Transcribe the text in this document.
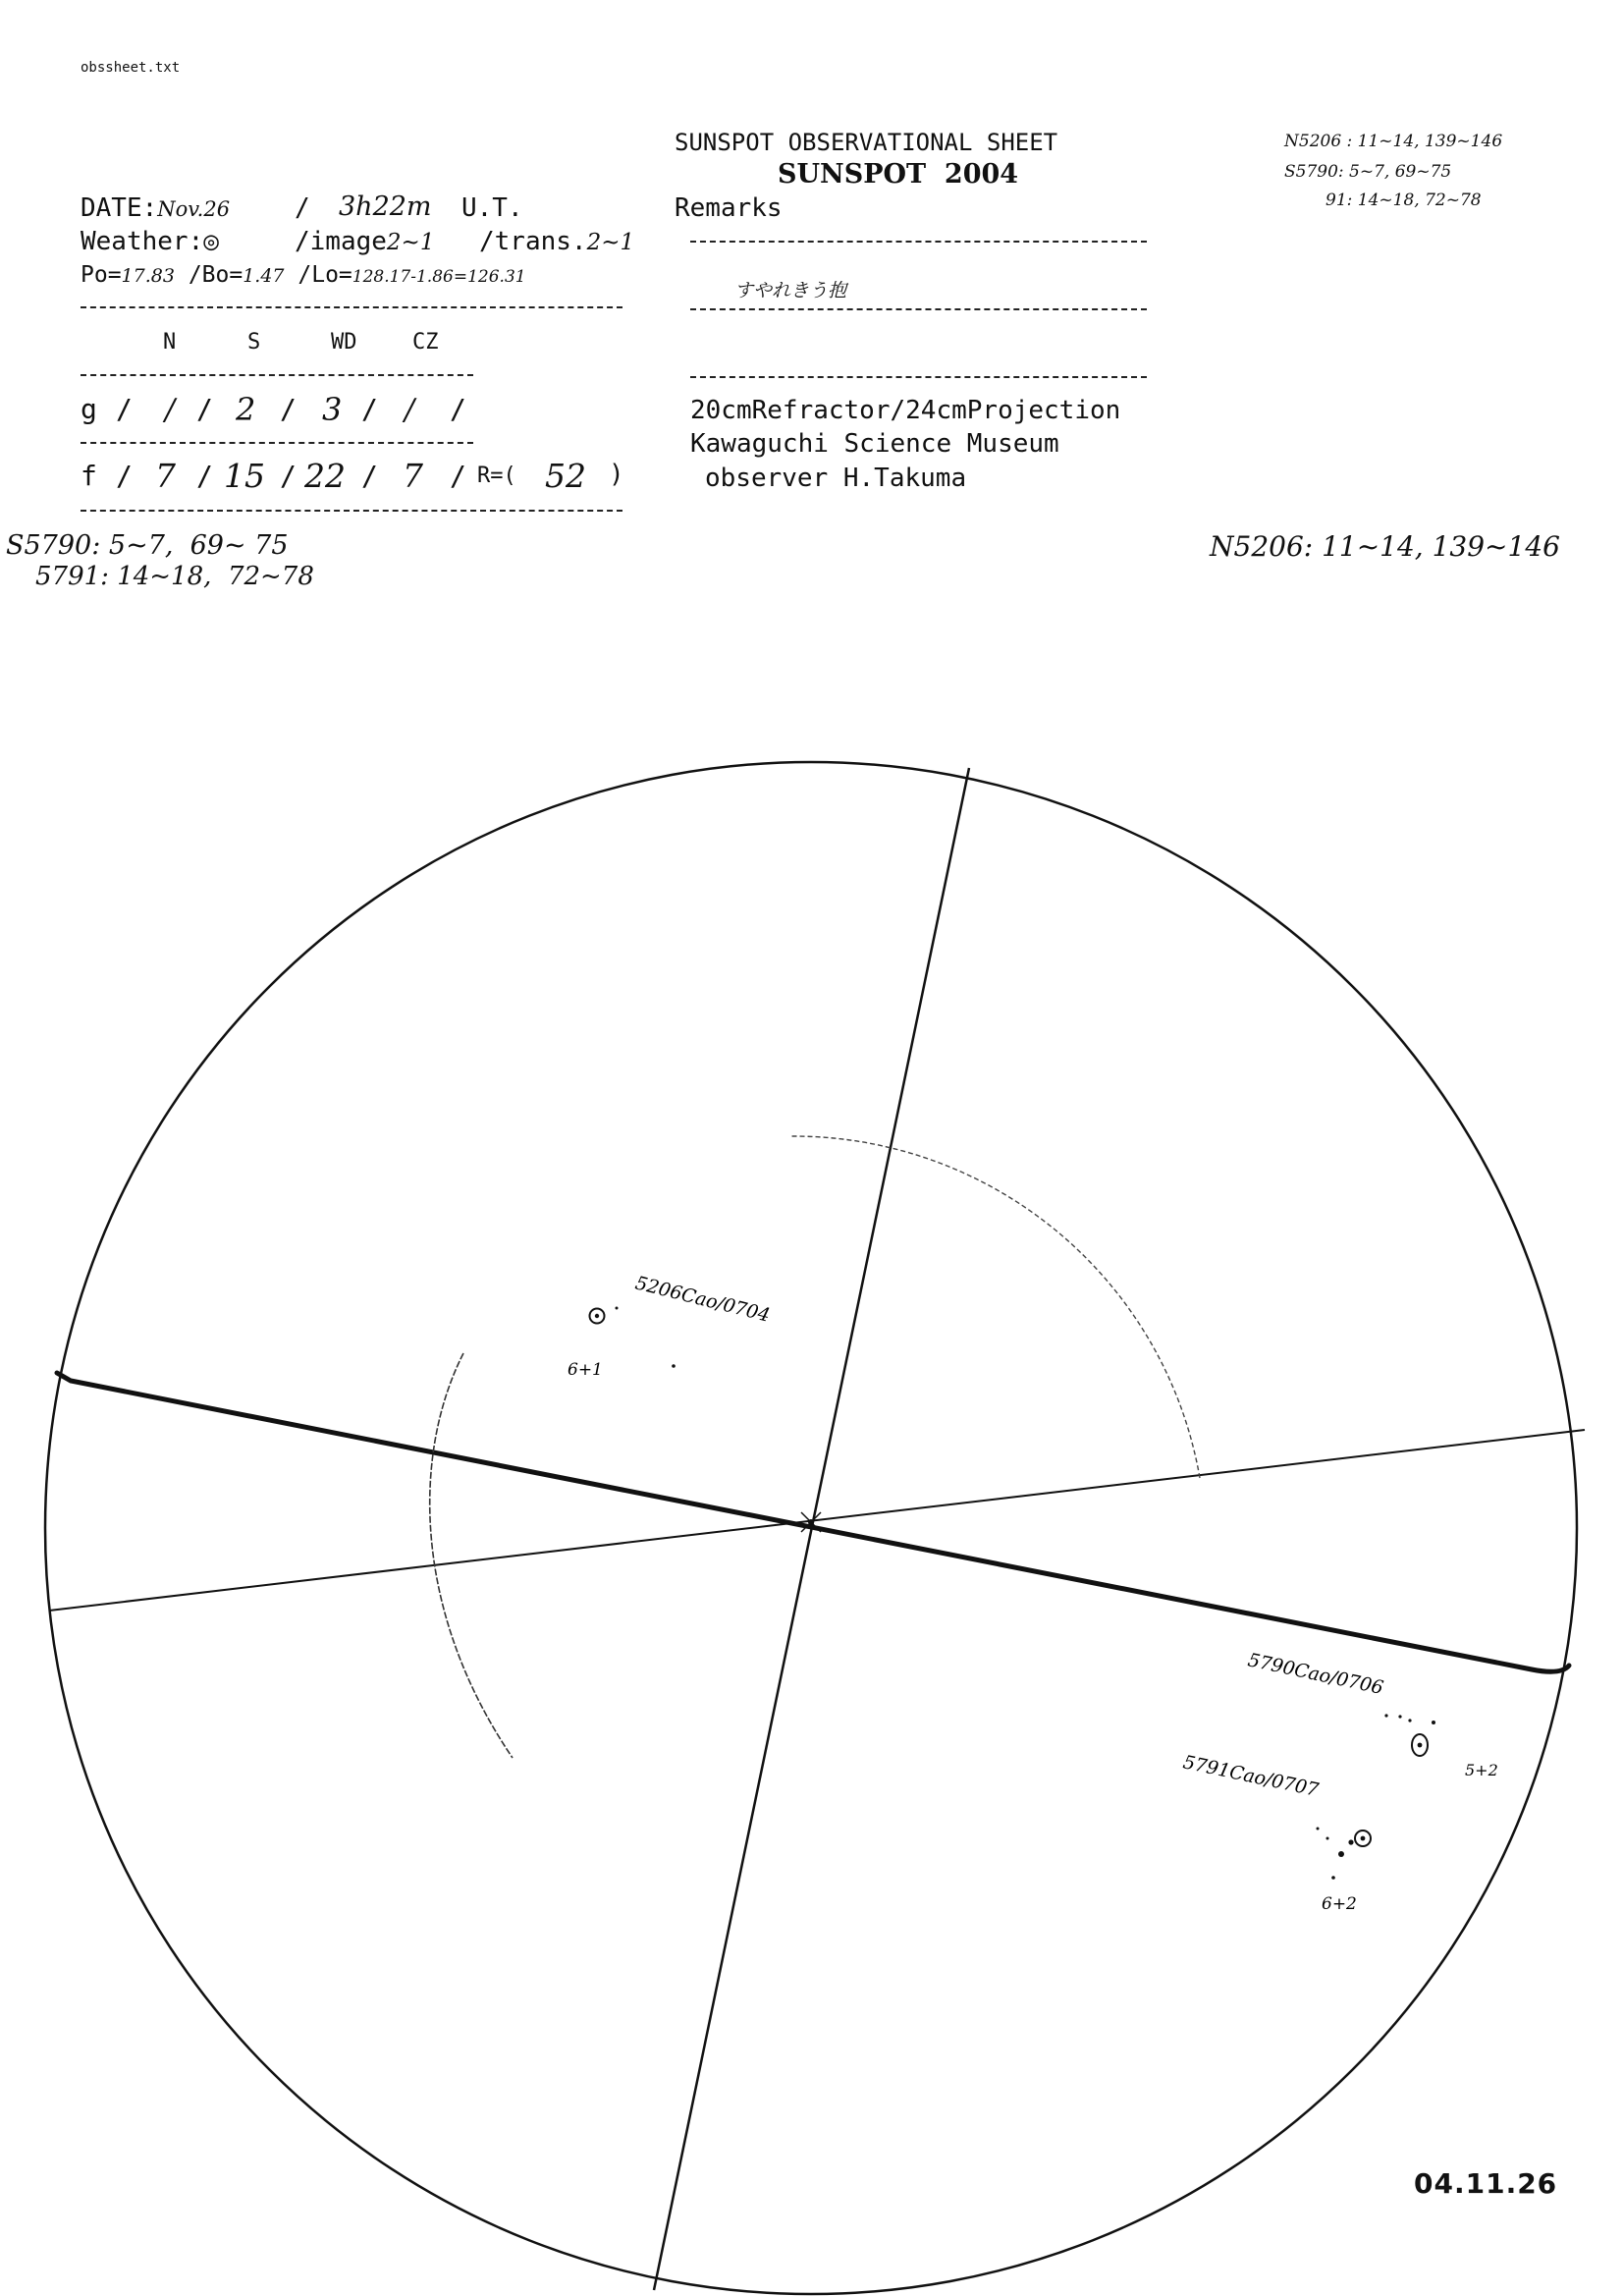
obssheet.txt
SUNSPOT OBSERVATIONAL SHEET
SUNSPOT  2004
Remarks
DATE:Nov.26	/ 3h22m U.T.
Weather:◎	/image2~1 /trans.2~1
Po=17.83 /Bo=1.47 /Lo=128.17-1.86=126.31
すやれきう抱
N	S	WD	CZ
g / / / 2 / 3 / / /
f / 7 / 15 / 22 / 7 / R=( 52 )
20cmRefractor/24cmProjection
Kawaguchi Science Museum
observer H.Takuma
N5206 : 11~14, 139~146
S5790: 5~7, 69~75
91: 14~18, 72~78
S5790: 5~7,  69~ 75
5791: 14~18,  72~78
N5206: 11~14, 139~146
5206Cao/0704
6+1
5790Cao/0706
5+2
5791Cao/0707
6+2
04.11.26
